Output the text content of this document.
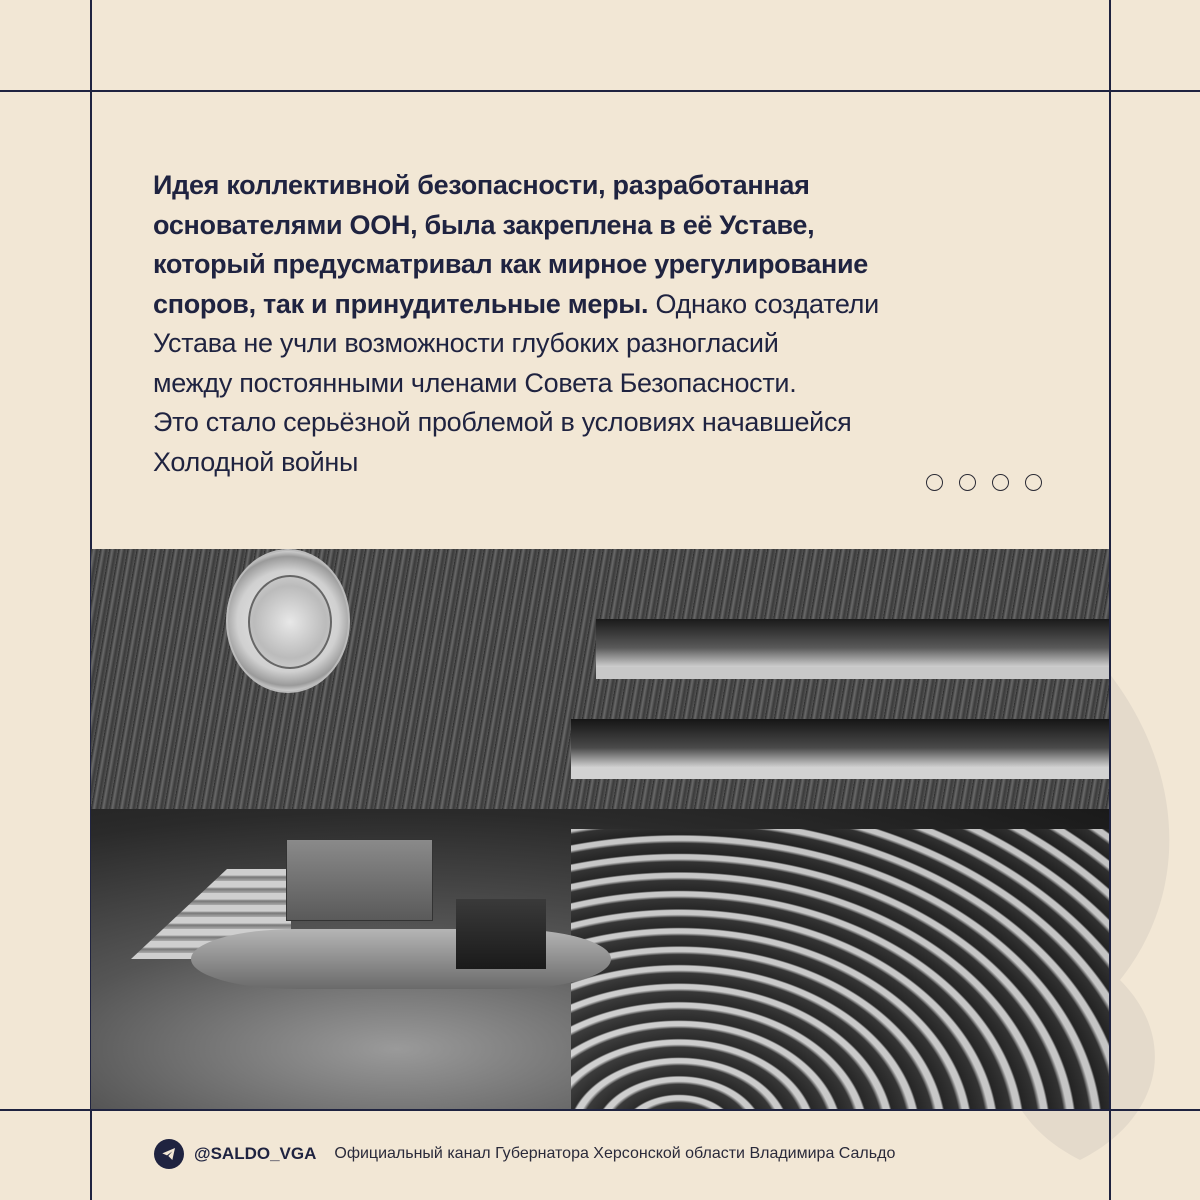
Идея коллективной безопасности, разработанная
основателями ООН, была закреплена в её Уставе,
который предусматривал как мирное урегулирование
споров, так и принудительные меры. Однако создатели
Устава не учли возможности глубоких разногласий
между постоянными членами Совета Безопасности.
Это стало серьёзной проблемой в условиях начавшейся
Холодной войны
@SALDO_VGA Официальный канал Губернатора Херсонской области Владимира Сальдо
